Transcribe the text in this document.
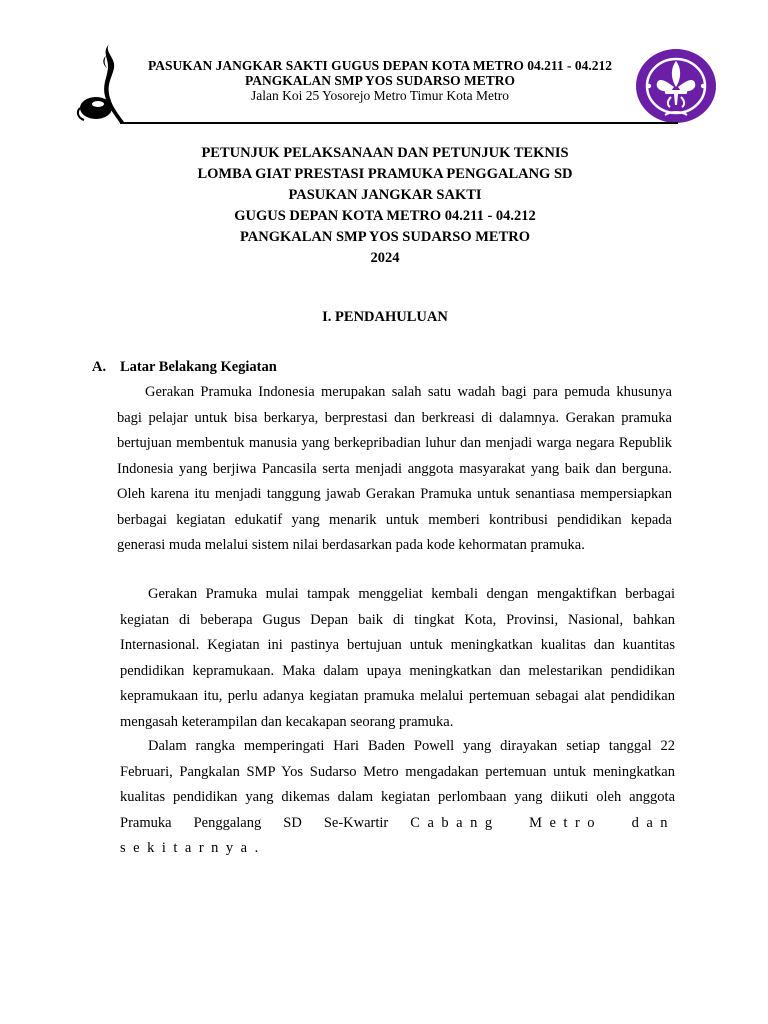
PASUKAN JANGKAR SAKTI GUGUS DEPAN KOTA METRO 04.211 - 04.212
PANGKALAN SMP YOS SUDARSO METRO
Jalan Koi 25 Yosorejo Metro Timur Kota Metro
PETUNJUK PELAKSANAAN DAN PETUNJUK TEKNIS
LOMBA GIAT PRESTASI PRAMUKA PENGGALANG SD
PASUKAN JANGKAR SAKTI
GUGUS DEPAN KOTA METRO 04.211 - 04.212
PANGKALAN SMP YOS SUDARSO METRO
2024
I. PENDAHULUAN
A. Latar Belakang Kegiatan

Gerakan Pramuka Indonesia merupakan salah satu wadah bagi para pemuda khusunya bagi pelajar untuk bisa berkarya, berprestasi dan berkreasi di dalamnya. Gerakan pramuka bertujuan membentuk manusia yang berkepribadian luhur dan menjadi warga negara Republik Indonesia yang berjiwa Pancasila serta menjadi anggota masyarakat yang baik dan berguna. Oleh karena itu menjadi tanggung jawab Gerakan Pramuka untuk senantiasa mempersiapkan berbagai kegiatan edukatif yang menarik untuk memberi kontribusi pendidikan kepada generasi muda melalui sistem nilai berdasarkan pada kode kehormatan pramuka.

Gerakan Pramuka mulai tampak menggeliat kembali dengan mengaktifkan berbagai kegiatan di beberapa Gugus Depan baik di tingkat Kota, Provinsi, Nasional, bahkan Internasional. Kegiatan ini pastinya bertujuan untuk meningkatkan kualitas dan kuantitas pendidikan kepramukaan. Maka dalam upaya meningkatkan dan melestarikan pendidikan kepramukaan itu, perlu adanya kegiatan pramuka melalui pertemuan sebagai alat pendidikan mengasah keterampilan dan kecakapan seorang pramuka.

Dalam rangka memperingati Hari Baden Powell yang dirayakan setiap tanggal 22 Februari, Pangkalan SMP Yos Sudarso Metro mengadakan pertemuan untuk meningkatkan kualitas pendidikan yang dikemas dalam kegiatan perlombaan yang diikuti oleh anggota Pramuka Penggalang SD Se-Kwartir Cabang Metro dan sekitarnya.
